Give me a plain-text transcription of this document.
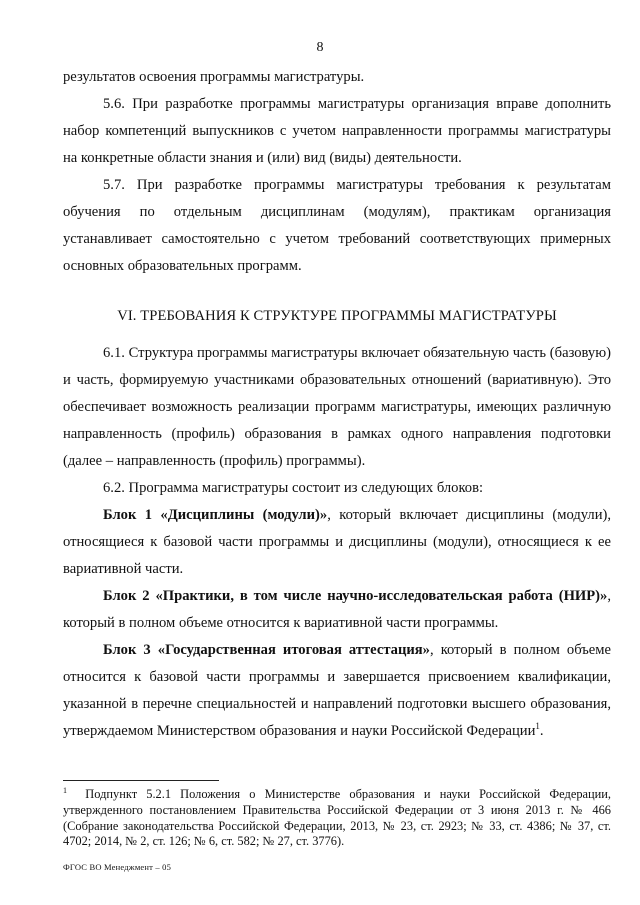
8

результатов освоения программы магистратуры.

5.6. При разработке программы магистратуры организация вправе дополнить набор компетенций выпускников с учетом направленности программы магистратуры на конкретные области знания и (или) вид (виды) деятельности.

5.7. При разработке программы магистратуры требования к результатам обучения по отдельным дисциплинам (модулям), практикам организация устанавливает самостоятельно с учетом требований соответствующих примерных основных образовательных программ.

VI. ТРЕБОВАНИЯ К СТРУКТУРЕ ПРОГРАММЫ МАГИСТРАТУРЫ

6.1. Структура программы магистратуры включает обязательную часть (базовую) и часть, формируемую участниками образовательных отношений (вариативную). Это обеспечивает возможность реализации программ магистратуры, имеющих различную направленность (профиль) образования в рамках одного направления подготовки (далее – направленность (профиль) программы).

6.2. Программа магистратуры состоит из следующих блоков:

Блок 1 «Дисциплины (модули)», который включает дисциплины (модули), относящиеся к базовой части программы и дисциплины (модули), относящиеся к ее вариативной части.

Блок 2 «Практики, в том числе научно-исследовательская работа (НИР)», который в полном объеме относится к вариативной части программы.

Блок 3 «Государственная итоговая аттестация», который в полном объеме относится к базовой части программы и завершается присвоением квалификации, указанной в перечне специальностей и направлений подготовки высшего образования, утверждаемом Министерством образования и науки Российской Федерации$^1$.

$^1$ Подпункт 5.2.1 Положения о Министерстве образования и науки Российской Федерации, утвержденного постановлением Правительства Российской Федерации от 3 июня 2013 г. № 466 (Собрание законодательства Российской Федерации, 2013, № 23, ст. 2923; № 33, ст. 4386; № 37, ст. 4702; 2014, № 2, ст. 126; № 6, ст. 582; № 27, ст. 3776).
ФГОС ВО Менеджмент – 05
